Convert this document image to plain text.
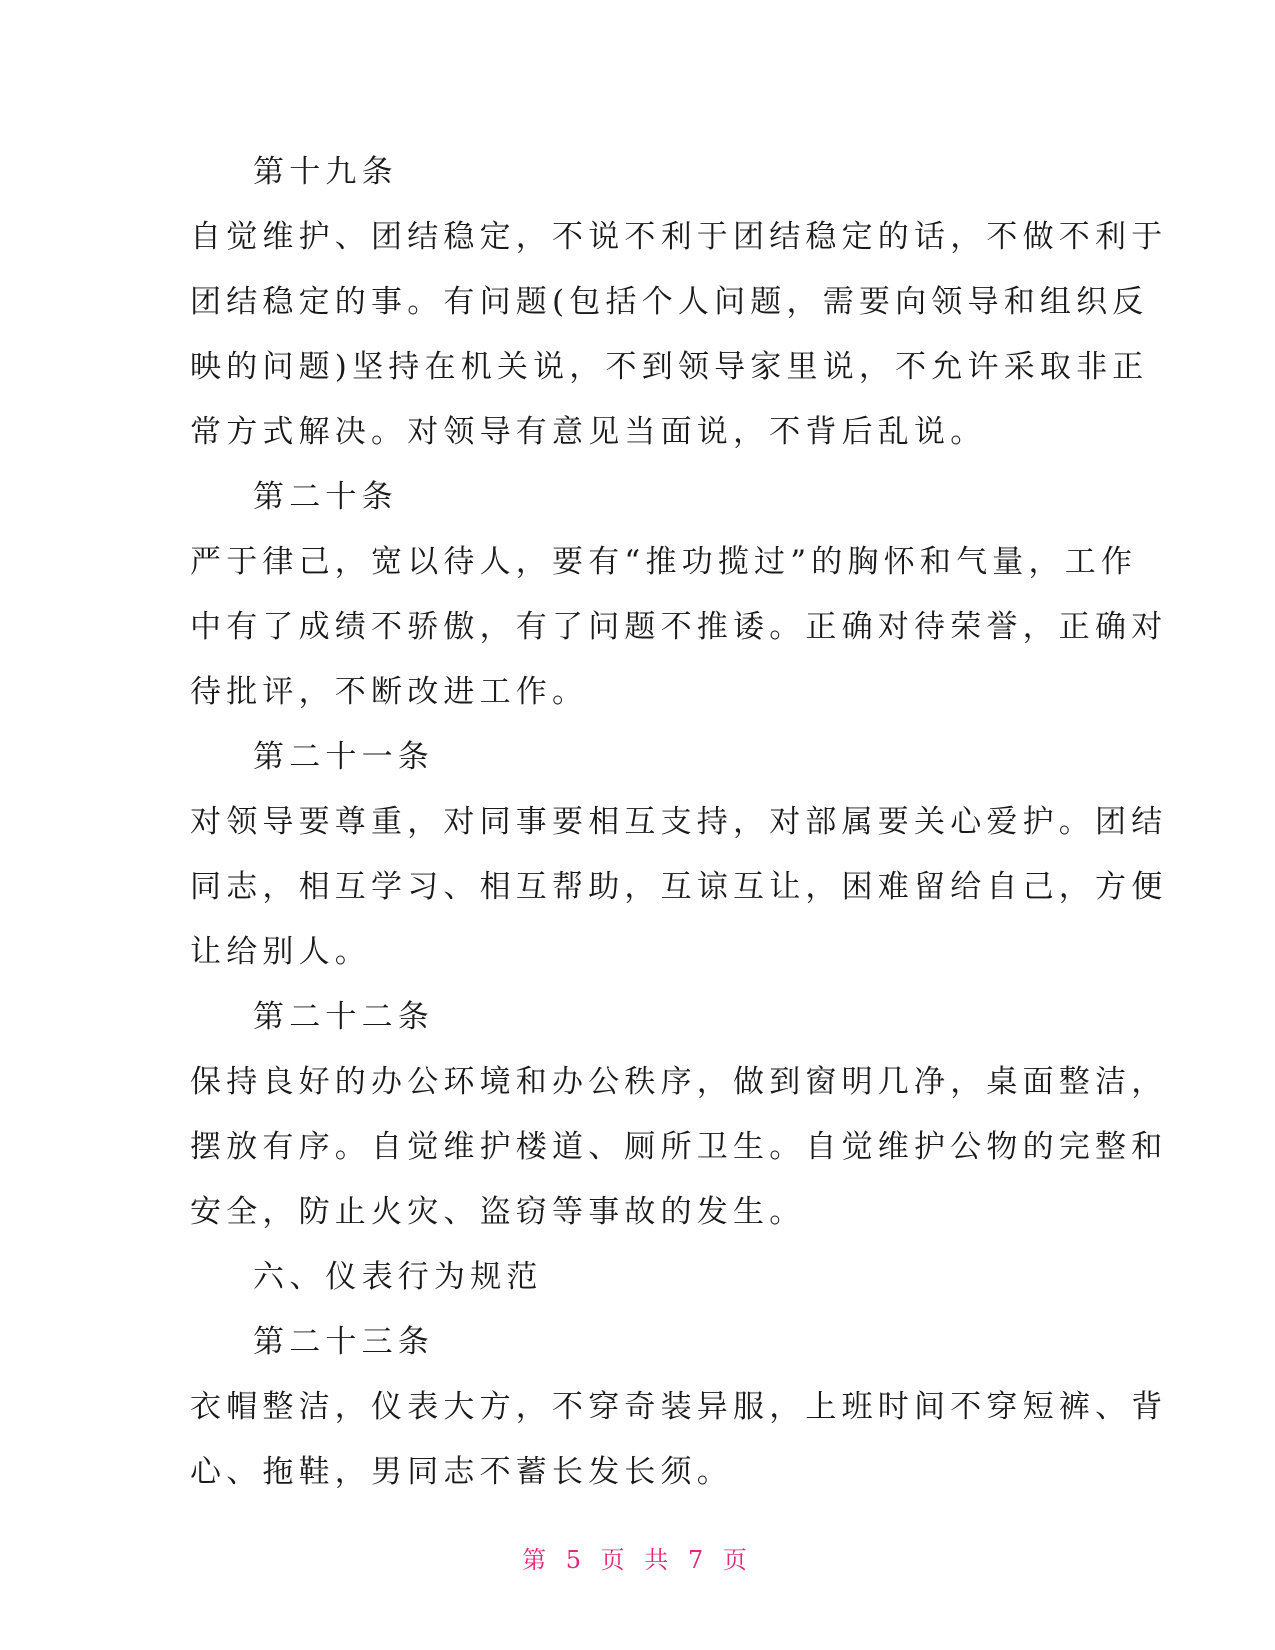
第十九条
自觉维护、团结稳定，不说不利于团结稳定的话，不做不利于
团结稳定的事。有问题(包括个人问题，需要向领导和组织反
映的问题)坚持在机关说，不到领导家里说，不允许采取非正
常方式解决。对领导有意见当面说，不背后乱说。
第二十条
严于律己，宽以待人，要有“推功揽过”的胸怀和气量，工作
中有了成绩不骄傲，有了问题不推诿。正确对待荣誉，正确对
待批评，不断改进工作。
第二十一条
对领导要尊重，对同事要相互支持，对部属要关心爱护。团结
同志，相互学习、相互帮助，互谅互让，困难留给自己，方便
让给别人。
第二十二条
保持良好的办公环境和办公秩序，做到窗明几净，桌面整洁，
摆放有序。自觉维护楼道、厕所卫生。自觉维护公物的完整和
安全，防止火灾、盗窃等事故的发生。
六、仪表行为规范
第二十三条
衣帽整洁，仪表大方，不穿奇装异服，上班时间不穿短裤、背
心、拖鞋，男同志不蓄长发长须。
第 5 页 共 7 页
